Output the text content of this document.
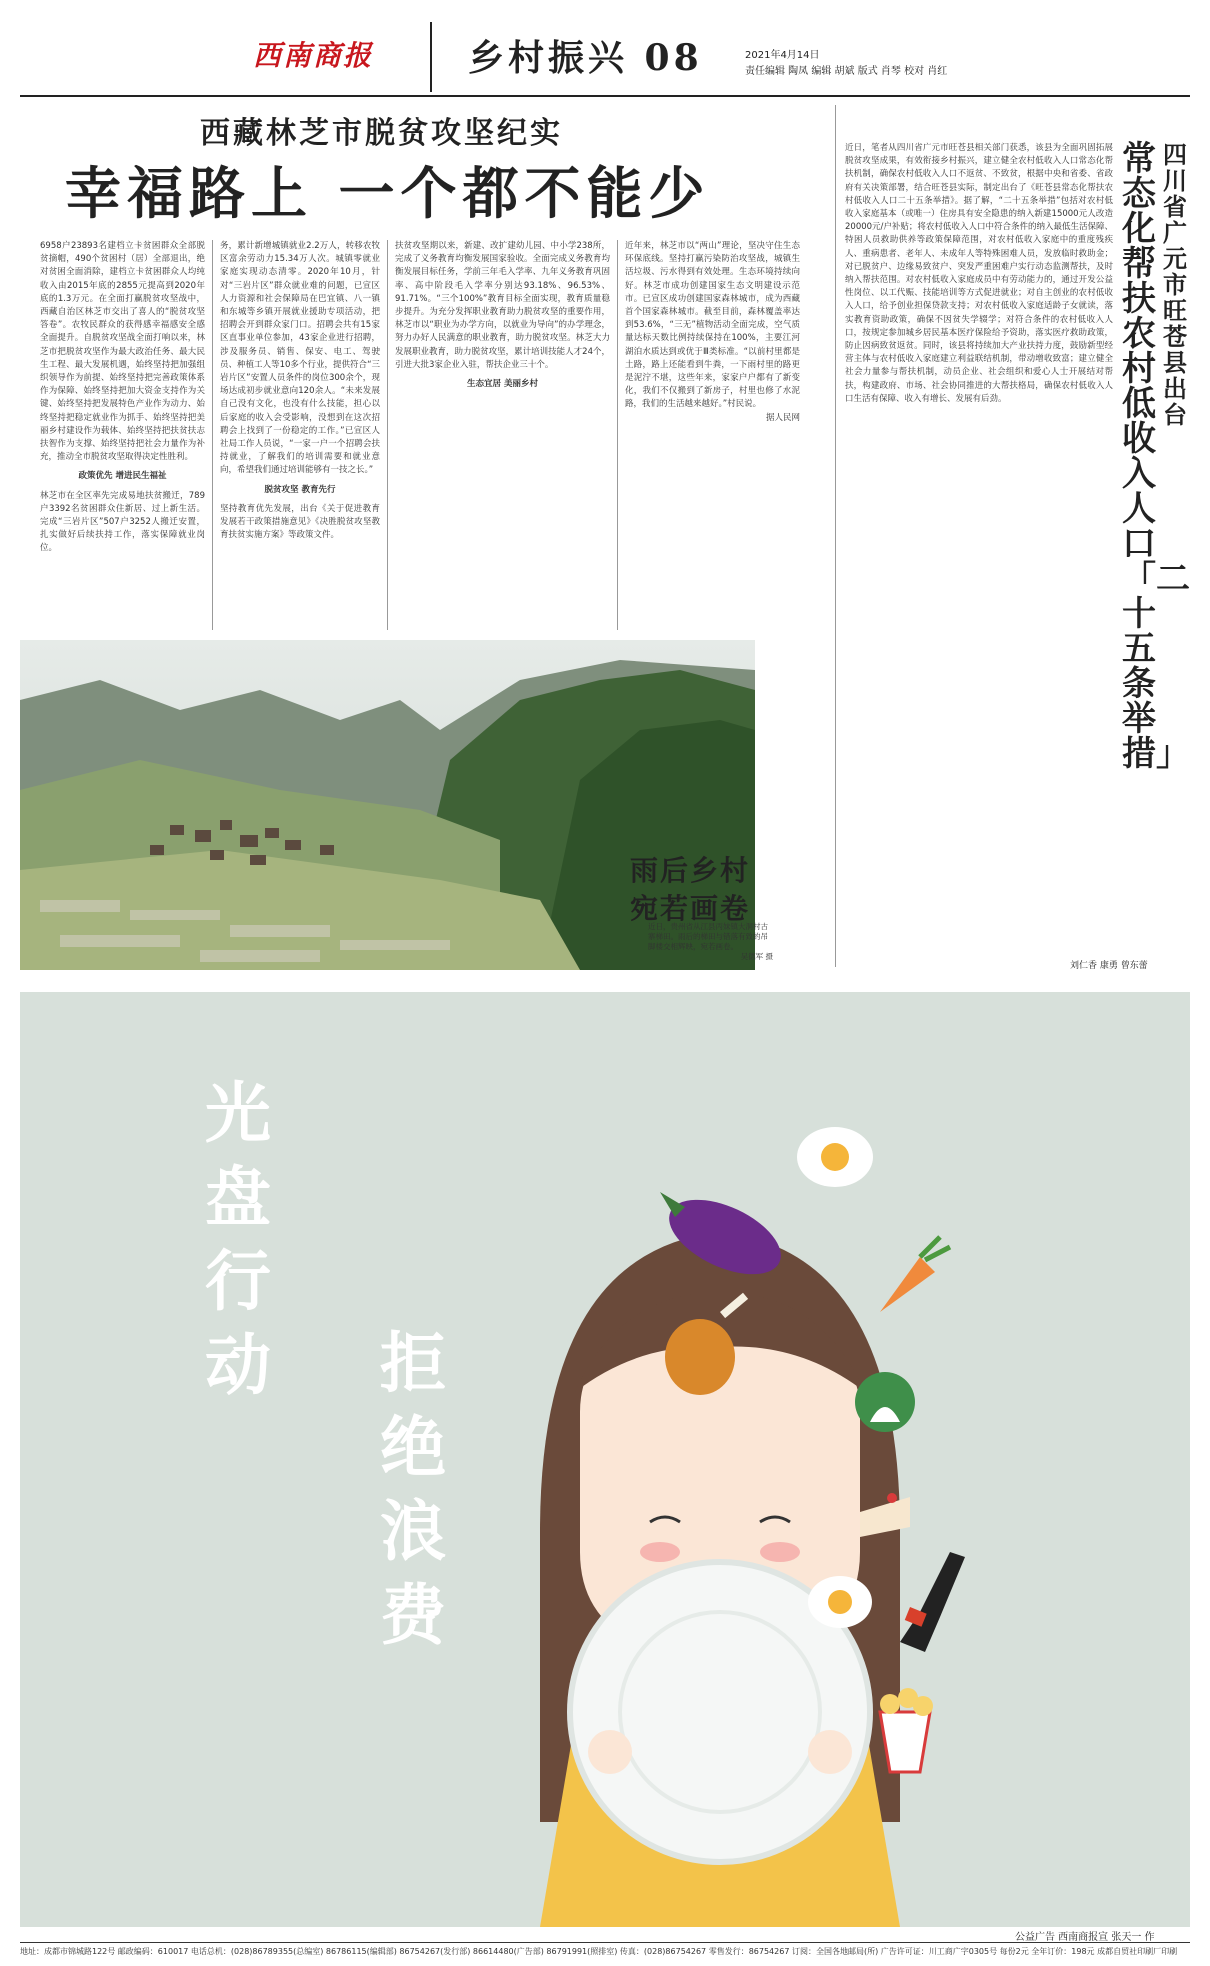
西南商报	乡村振兴 08	2021年4月14日
责任编辑 陶凤 编辑 胡斌 版式 肖琴 校对 肖红
西藏林芝市脱贫攻坚纪实
幸福路上 一个都不能少
6958户23893名建档立卡贫困群众全部脱贫摘帽，490个贫困村（居）全部退出，绝对贫困全面消除，建档立卡贫困群众人均纯收入由2015年底的2855元提高到2020年底的1.3万元。在全面打赢脱贫攻坚战中，西藏自治区林芝市交出了喜人的“脱贫攻坚答卷”。农牧民群众的获得感幸福感安全感全面提升。自脱贫攻坚战全面打响以来，林芝市把脱贫攻坚作为最大政治任务、最大民生工程、最大发展机遇，始终坚持把加强组织领导作为前提、始终坚持把完善政策体系作为保障、始终坚持把加大资金支持作为关键、始终坚持把发展特色产业作为动力、始终坚持把稳定就业作为抓手、始终坚持把美丽乡村建设作为载体、始终坚持把扶贫扶志扶智作为支撑、始终坚持把社会力量作为补充，推动全市脱贫攻坚取得决定性胜利。
政策优先 增进民生福祉
林芝市在全区率先完成易地扶贫搬迁，789户3392名贫困群众住新居、过上新生活。完成“三岩片区”507户3252人搬迁安置，扎实做好后续扶持工作，落实保障就业岗位。
务，累计新增城镇就业2.2万人，转移农牧区富余劳动力15.34万人次。城镇零就业家庭实现动态清零。2020年10月，针对“三岩片区”群众就业难的问题，已宣区人力资源和社会保障局在巴宜镇、八一镇和东城等乡镇开展就业援助专项活动，把招聘会开到群众家门口。招聘会共有15家区直事业单位参加，43家企业进行招聘，涉及服务员、销售、保安、电工、驾驶员、种植工人等10多个行业，提供符合“三岩片区”安置人员条件的岗位300余个，现场达成初步就业意向120余人。“未来发展自己没有文化，也没有什么技能，担心以后家庭的收入会受影响，没想到在这次招聘会上找到了一份稳定的工作。”已宣区人社局工作人员说，“一家一户一个招聘会扶持就业，了解我们的培训需要和就业意向，希望我们通过培训能够有一技之长。”
脱贫攻坚 教育先行
坚持教育优先发展，出台《关于促进教育发展若干政策措施意见》《决胜脱贫攻坚教育扶贫实施方案》等政策文件。
扶贫攻坚期以来，新建、改扩建幼儿园、中小学238所，完成了义务教育均衡发展国家验收。全面完成义务教育均衡发展目标任务，学前三年毛入学率、九年义务教育巩固率、高中阶段毛入学率分别达93.18%、96.53%、91.71%。“三个100%”教育目标全面实现，教育质量稳步提升。为充分发挥职业教育助力脱贫攻坚的重要作用，林芝市以“职业为办学方向，以就业为导向”的办学理念，努力办好人民满意的职业教育，助力脱贫攻坚。林芝大力发展职业教育，助力脱贫攻坚，累计培训技能人才24个，引进大批3家企业入驻，帮扶企业三十个。
生态宜居 美丽乡村
近年来，林芝市以“两山”理论，坚决守住生态环保底线。坚持打赢污染防治攻坚战，城镇生活垃圾、污水得到有效处理。生态环境持续向好。林芝市成功创建国家生态文明建设示范市。已宣区成功创建国家森林城市，成为西藏首个国家森林城市。截至目前，森林覆盖率达到53.6%，“三无”植物活动全面完成，空气质量达标天数比例持续保持在100%，主要江河湖泊水质达到或优于Ⅲ类标准。“以前村里都是土路，路上还能看到牛粪，一下雨村里的路更是泥泞不堪，这些年来，家家户户都有了新变化，我们不仅搬到了新房子，村里也修了水泥路，我们的生活越来越好。”村民说。
据人民网
雨后乡村
宛若画卷
近日，贵州省从江县丙妹镇大洞村古寨梯田。雨后的梯田与错落有致的吊脚楼交相辉映，宛若画卷。
吴德军 摄
四川省广元市旺苍县出台
常态化帮扶农村低收入人口「二十五条举措」
近日，笔者从四川省广元市旺苍县相关部门获悉，该县为全面巩固拓展脱贫攻坚成果，有效衔接乡村振兴，建立健全农村低收入人口常态化帮扶机制，确保农村低收入人口不返贫、不致贫，根据中央和省委、省政府有关决策部署，结合旺苍县实际，制定出台了《旺苍县常态化帮扶农村低收入人口二十五条举措》。据了解，“二十五条举措”包括对农村低收入家庭基本（或唯一）住房具有安全隐患的纳入新建15000元人改造20000元/户补贴；将农村低收入人口中符合条件的纳入最低生活保障、特困人员救助供养等政策保障范围，对农村低收入家庭中的重度残疾人、重病患者、老年人、未成年人等特殊困难人员，发放临时救助金；对已脱贫户、边缘易致贫户、突发严重困难户实行动态监测帮扶，及时纳入帮扶范围。对农村低收入家庭成员中有劳动能力的，通过开发公益性岗位、以工代赈、技能培训等方式促进就业；对自主创业的农村低收入人口，给予创业担保贷款支持；对农村低收入家庭适龄子女就读，落实教育资助政策，确保不因贫失学辍学；对符合条件的农村低收入人口，按规定参加城乡居民基本医疗保险给予资助，落实医疗救助政策，防止因病致贫返贫。同时，该县将持续加大产业扶持力度，鼓励新型经营主体与农村低收入家庭建立利益联结机制，带动增收致富；建立健全社会力量参与帮扶机制，动员企业、社会组织和爱心人士开展结对帮扶，构建政府、市场、社会协同推进的大帮扶格局，确保农村低收入人口生活有保障、收入有增长、发展有后劲。
刘仁香 康勇 曾东蕾
光盘行动 拒绝浪费
公益广告 西南商报宣 张天一 作
地址：成都市锦城路122号 邮政编码：610017 电话总机：(028)86789355(总编室) 86786115(编辑部) 86754267(发行部) 86614480(广告部) 86791991(照排室) 传真：(028)86754267 零售发行：86754267 订阅：全国各地邮局(所) 广告许可证：川工商广字0305号 每份2元 全年订价：198元 成都自贸社印刷厂印刷
